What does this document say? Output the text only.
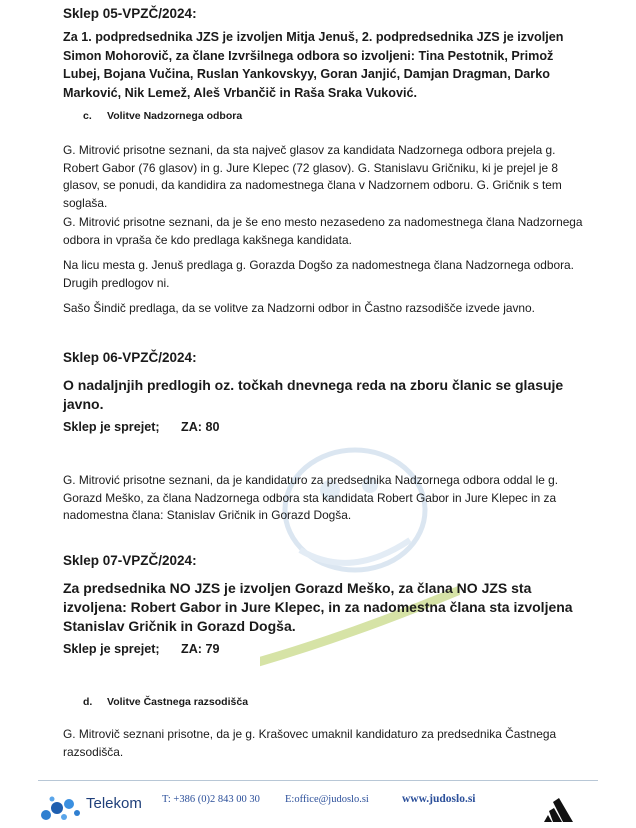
Sklep 05-VPZČ/2024:
Za 1. podpredsednika JZS je izvoljen Mitja Jenuš, 2. podpredsednika JZS je izvoljen Simon Mohorovič, za člane Izvršilnega odbora so izvoljeni: Tina Pestotnik, Primož Lubej, Bojana Vučina, Ruslan Yankovskyy, Goran Janjić, Damjan Dragman, Darko Marković, Nik Lemež, Aleš Vrbančič in Raša Sraka Vuković.
c. Volitve Nadzornega odbora
G. Mitrović prisotne seznani, da sta največ glasov za kandidata Nadzornega odbora prejela g. Robert Gabor (76 glasov) in g. Jure Klepec (72 glasov). G. Stanislavu Gričniku, ki je prejel je 8 glasov, se ponudi, da kandidira za nadomestnega člana v Nadzornem odboru. G. Gričnik s tem soglaša.
G. Mitrović prisotne seznani, da je še eno mesto nezasedeno za nadomestnega člana Nadzornega odbora in vpraša če kdo predlaga kakšnega kandidata.
Na licu mesta g. Jenuš predlaga g. Gorazda Dogšo za nadomestnega člana Nadzornega odbora. Drugih predlogov ni.
Sašo Šindič predlaga, da se volitve za Nadzorni odbor in Častno razsodišče izvede javno.
Sklep 06-VPZČ/2024:
O nadaljnjih predlogih oz. točkah dnevnega reda na zboru članic se glasuje javno.
Sklep je sprejet; ZA: 80
G. Mitrović prisotne seznani, da je kandidaturo za predsednika Nadzornega odbora oddal le g. Gorazd Meško, za člana Nadzornega odbora sta kandidata Robert Gabor in Jure Klepec in za nadomestna člana: Stanislav Gričnik in Gorazd Dogša.
Sklep 07-VPZČ/2024:
Za predsednika NO JZS je izvoljen Gorazd Meško, za člana NO JZS sta izvoljena: Robert Gabor in Jure Klepec, in za nadomestna člana sta izvoljena Stanislav Gričnik in Gorazd Dogša.
Sklep je sprejet; ZA: 79
d. Volitve Častnega razsodišča
G. Mitrovič seznani prisotne, da je g. Krašovec umaknil kandidaturo za predsednika Častnega razsodišča.
Telekom T: +386 (0)2 843 00 30 E:office@judoslo.si	www.judoslo.si
